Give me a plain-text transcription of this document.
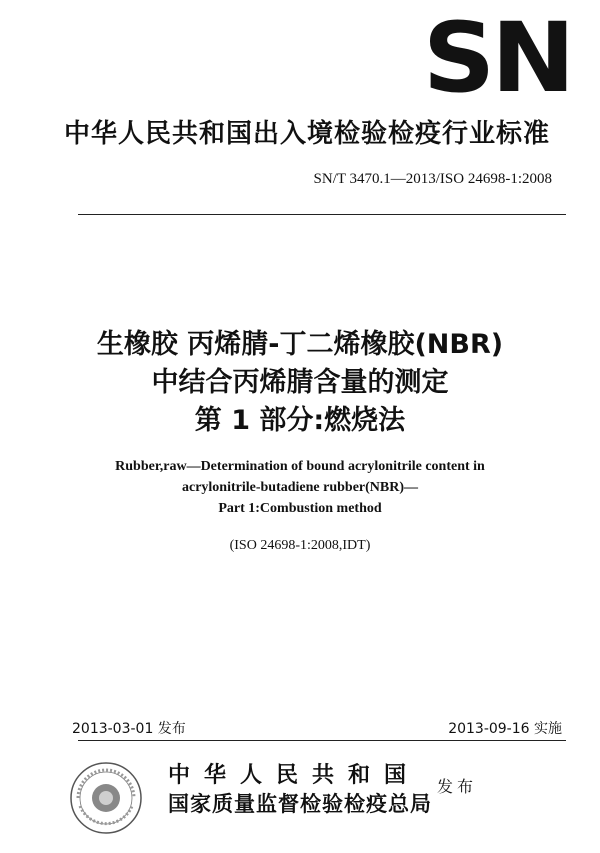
SN
中华人民共和国出入境检验检疫行业标准
SN/T 3470.1—2013/ISO 24698-1:2008
生橡胶 丙烯腈-丁二烯橡胶(NBR)
中结合丙烯腈含量的测定
第 1 部分:燃烧法
Rubber,raw—Determination of bound acrylonitrile content in
acrylonitrile-butadiene rubber(NBR)—
Part 1:Combustion method
(ISO 24698-1:2008,IDT)
2013-03-01 发布	2013-09-16 实施
中华人民共和国
国家质量监督检验检疫总局
发布
